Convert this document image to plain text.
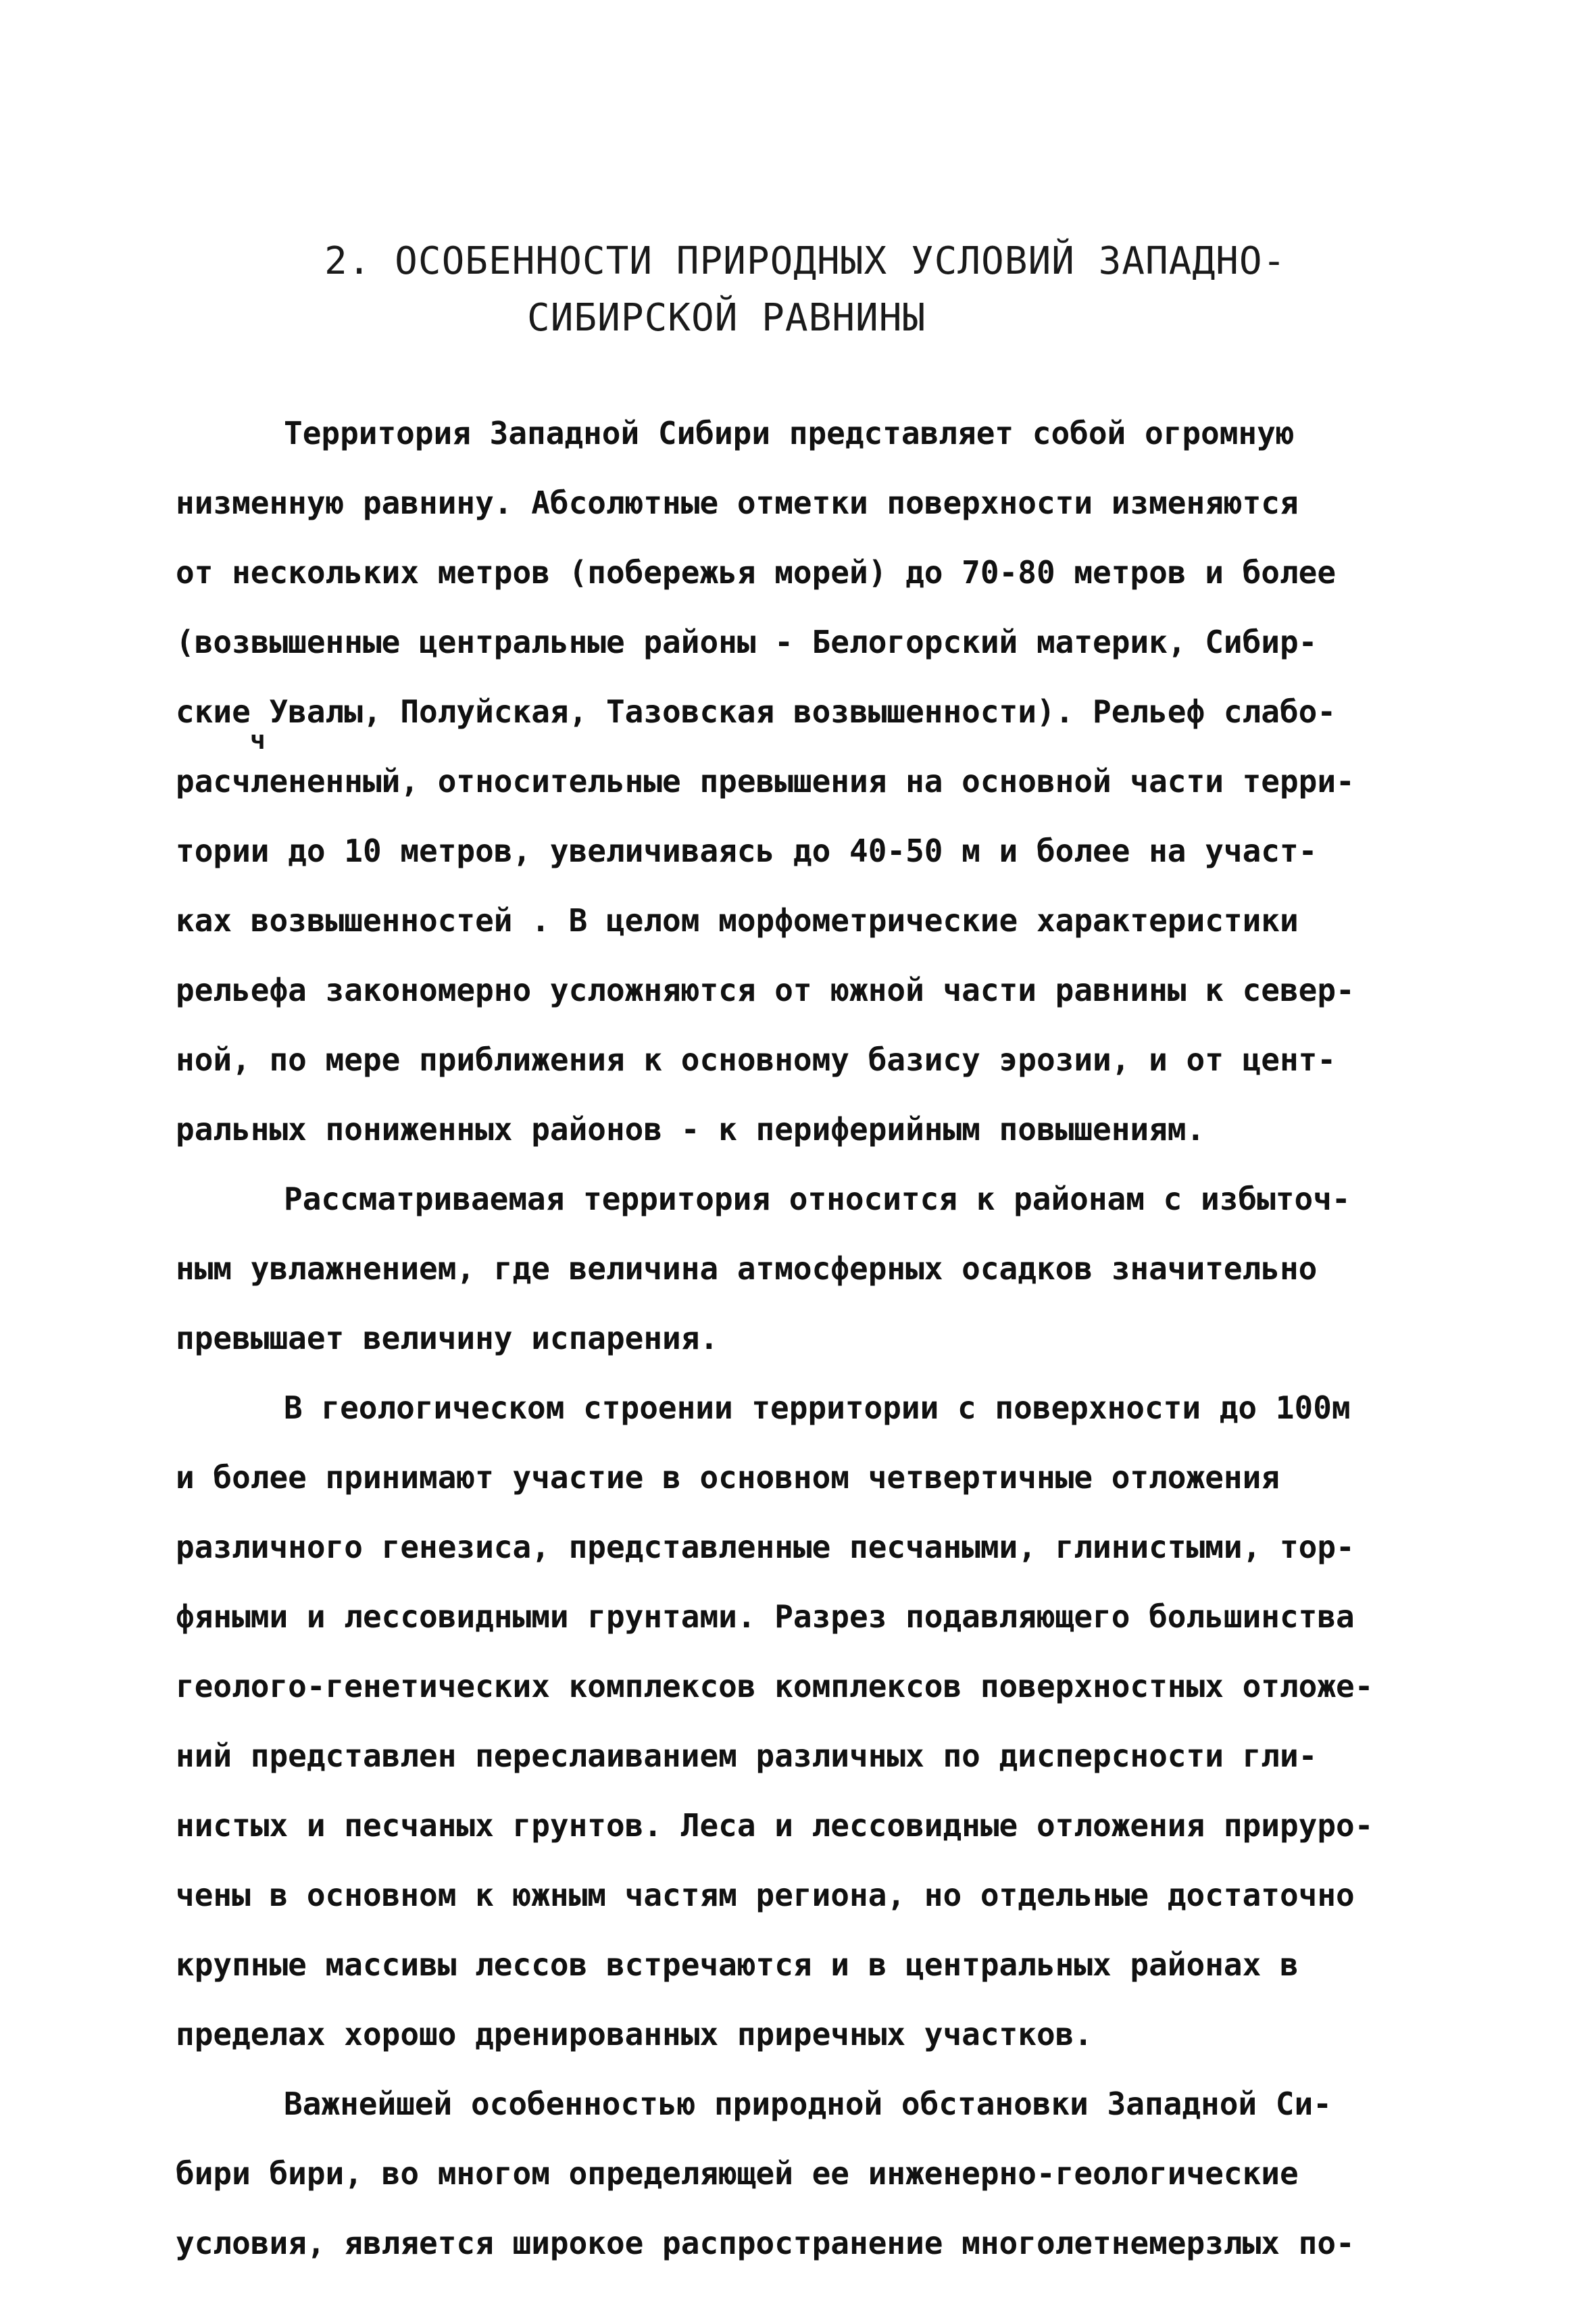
2. ОСОБЕННОСТИ ПРИРОДНЫХ УСЛОВИЙ ЗАПАДНО-
СИБИРСКОЙ РАВНИНЫ
ч
Территория Западной Сибири представляет собой огромную
низменную равнину. Абсолютные отметки поверхности изменяются
от нескольких метров (побережья морей) до 70-80 метров и более
(возвышенные центральные районы - Белогорский материк, Сибир-
ские Увалы, Полуйская, Тазовская возвышенности). Рельеф слабо-
расчлененный, относительные превышения на основной части терри-
тории до 10 метров, увеличиваясь до 40-50 м и более на участ-
ках возвышенностей . В целом морфометрические характеристики
рельефа закономерно усложняются от южной части равнины к север-
ной, по мере приближения к основному базису эрозии, и от цент-
ральных пониженных районов - к периферийным повышениям.
Рассматриваемая территория относится к районам с избыточ-
ным увлажнением, где величина атмосферных осадков значительно
превышает величину испарения.
В геологическом строении территории с поверхности до 100м
и более принимают участие в основном четвертичные отложения
различного генезиса, представленные песчаными, глинистыми, тор-
фяными и лессовидными грунтами. Разрез подавляющего большинства
геолого-генетических комплексов комплексов поверхностных отложе-
ний представлен переслаиванием различных по дисперсности гли-
нистых и песчаных грунтов. Леса и лессовидные отложения прируро-
чены в основном к южным частям региона, но отдельные достаточно
крупные массивы лессов встречаются и в центральных районах в
пределах хорошо дренированных приречных участков.
Важнейшей особенностью природной обстановки Западной Си-
бири бири, во многом определяющей ее инженерно-геологические
условия, является широкое распространение многолетнемерзлых по-
